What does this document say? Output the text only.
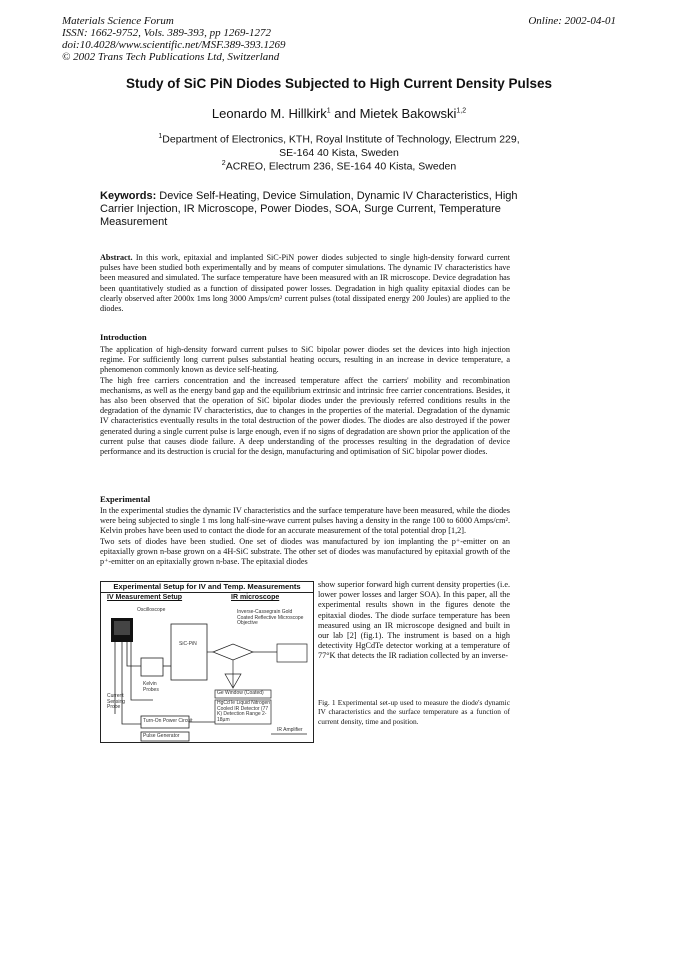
Materials Science Forum
ISSN: 1662-9752, Vols. 389-393, pp 1269-1272
doi:10.4028/www.scientific.net/MSF.389-393.1269
© 2002 Trans Tech Publications Ltd, Switzerland
Online: 2002-04-01
Study of SiC PiN Diodes Subjected to High Current Density Pulses
Leonardo M. Hillkirk$^1$ and Mietek Bakowski$^{1,2}$
$^1$Department of Electronics, KTH, Royal Institute of Technology, Electrum 229,
SE-164 40 Kista, Sweden
$^2$ACREO, Electrum 236, SE-164 40 Kista, Sweden
Keywords: Device Self-Heating, Device Simulation, Dynamic IV Characteristics, High Carrier Injection, IR Microscope, Power Diodes, SOA, Surge Current, Temperature Measurement

Abstract. In this work, epitaxial and implanted SiC-PiN power diodes subjected to single high-density forward current pulses have been studied both experimentally and by means of computer simulations. The dynamic IV characteristics have been measured and simulated. The surface temperature have been measured with an IR microscope. Device degradation has been quantitatively studied as a function of dissipated power losses. Degradation in high quality epitaxial diodes can be clearly observed after 2000x 1ms long 3000 Amps/cm² current pulses (total dissipated energy 200 Joules) are applied to the diodes.

Introduction

The application of high-density forward current pulses to SiC bipolar power diodes set the devices into high injection regime. For sufficiently long current pulses substantial heating occurs, resulting in an increase in device temperature, a phenomenon commonly known as device self-heating.

The high free carriers concentration and the increased temperature affect the carriers' mobility and recombination mechanisms, as well as the energy band gap and the equilibrium extrinsic and intrinsic free carrier concentrations. Besides, it has also been observed that the operation of SiC bipolar diodes under the previously referred conditions results in the degradation of the dynamic IV characteristics, due to changes in the properties of the material. Degradation of the dynamic IV characteristics eventually results in the total destruction of the power diodes. The diodes are also destroyed if the power generated during a single current pulse is large enough, even if no signs of degradation are shown prior the application of the current pulse that causes diode failure. A deep understanding of the processes resulting in the degradation of device performance and its destruction is crucial for the design, manufacturing and optimisation of SiC bipolar power diodes.

Experimental

In the experimental studies the dynamic IV characteristics and the surface temperature have been measured, while the diodes were being subjected to single 1 ms long half-sine-wave current pulses having a density in the range 100 to 6000 Amps/cm². Kelvin probes have been used to contact the diode for an accurate measurement of the total potential drop [1,2].

Two sets of diodes have been studied. One set of diodes was manufactured by ion implanting the p⁺-emitter on an epitaxially grown n-base grown on a 4H-SiC substrate. The other set of diodes was manufactured by epitaxial growth of the p⁺-emitter on an epitaxially grown n-base. The epitaxial diodes

Experimental Setup for IV and Temp. Measurements
IV Measurement Setup	IR microscope
Oscilloscope	Inverse-Cassegrain Gold Coated Reflective Microscope Objective
SiC-PiN
Kelvin Probes
Current Sensing Probe
Ge Window (Coated)
HgCdTe Liquid Nitrogen Cooled IR Detector (77 K) Detection Range 2-18µm
Turn-On Power Circuit
Pulse Generator
IR Amplifier
show superior forward high current density properties (i.e. lower power losses and larger SOA). In this paper, all the experimental results shown in the figures denote the epitaxial diodes. The diode surface temperature has been measured using an IR microscope designed and built in our lab [2] (fig.1). The instrument is based on a high detectivity HgCdTe detector working at a temperature of 77°K that detects the IR radiation collected by an inverse-
Fig. 1 Experimental set-up used to measure the diode's dynamic IV characteristics and the surface temperature as a function of current density, time and position.
